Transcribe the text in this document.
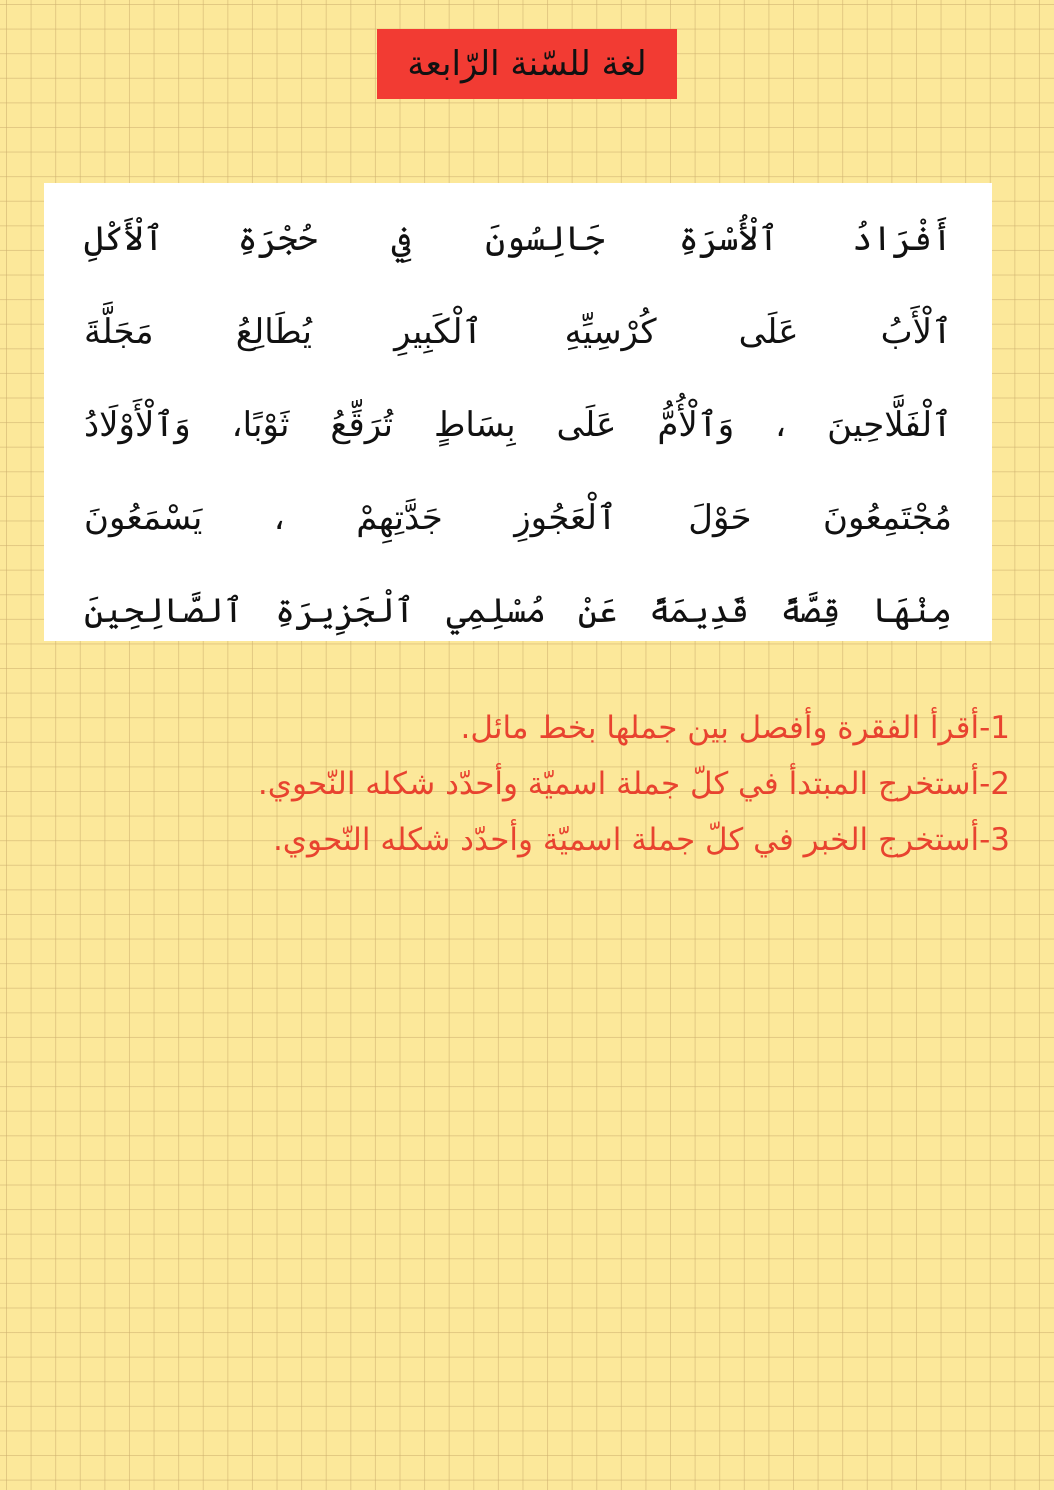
لغة للسّنة الرّابعة
أَفْرَادُ ٱلْأُسْرَةِ جَالِسُونَ فِي حُجْرَةِ ٱلْأَكْلِ
ٱلْأَبُ عَلَى كُرْسِيِّهِ ٱلْكَبِيرِ يُطَالِعُ مَجَلَّةَ
ٱلْفَلَّاحِينَ ، وَٱلْأُمُّ عَلَى بِسَاطٍ تُرَقِّعُ ثَوْبًا، وَٱلْأَوْلَادُ
مُجْتَمِعُونَ حَوْلَ ٱلْعَجُوزِ جَدَّتِهِمْ ، يَسْمَعُونَ
مِنْهَا قِصَّةً قَدِيمَةً عَنْ مُسْلِمِي ٱلْجَزِيرَةِ ٱلصَّالِحِينَ
1-أقرأ الفقرة وأفصل بين جملها بخط مائل.
2-أستخرج المبتدأ في كلّ جملة اسميّة وأحدّد شكله النّحوي.
3-أستخرج الخبر في كلّ جملة اسميّة وأحدّد شكله النّحوي.
